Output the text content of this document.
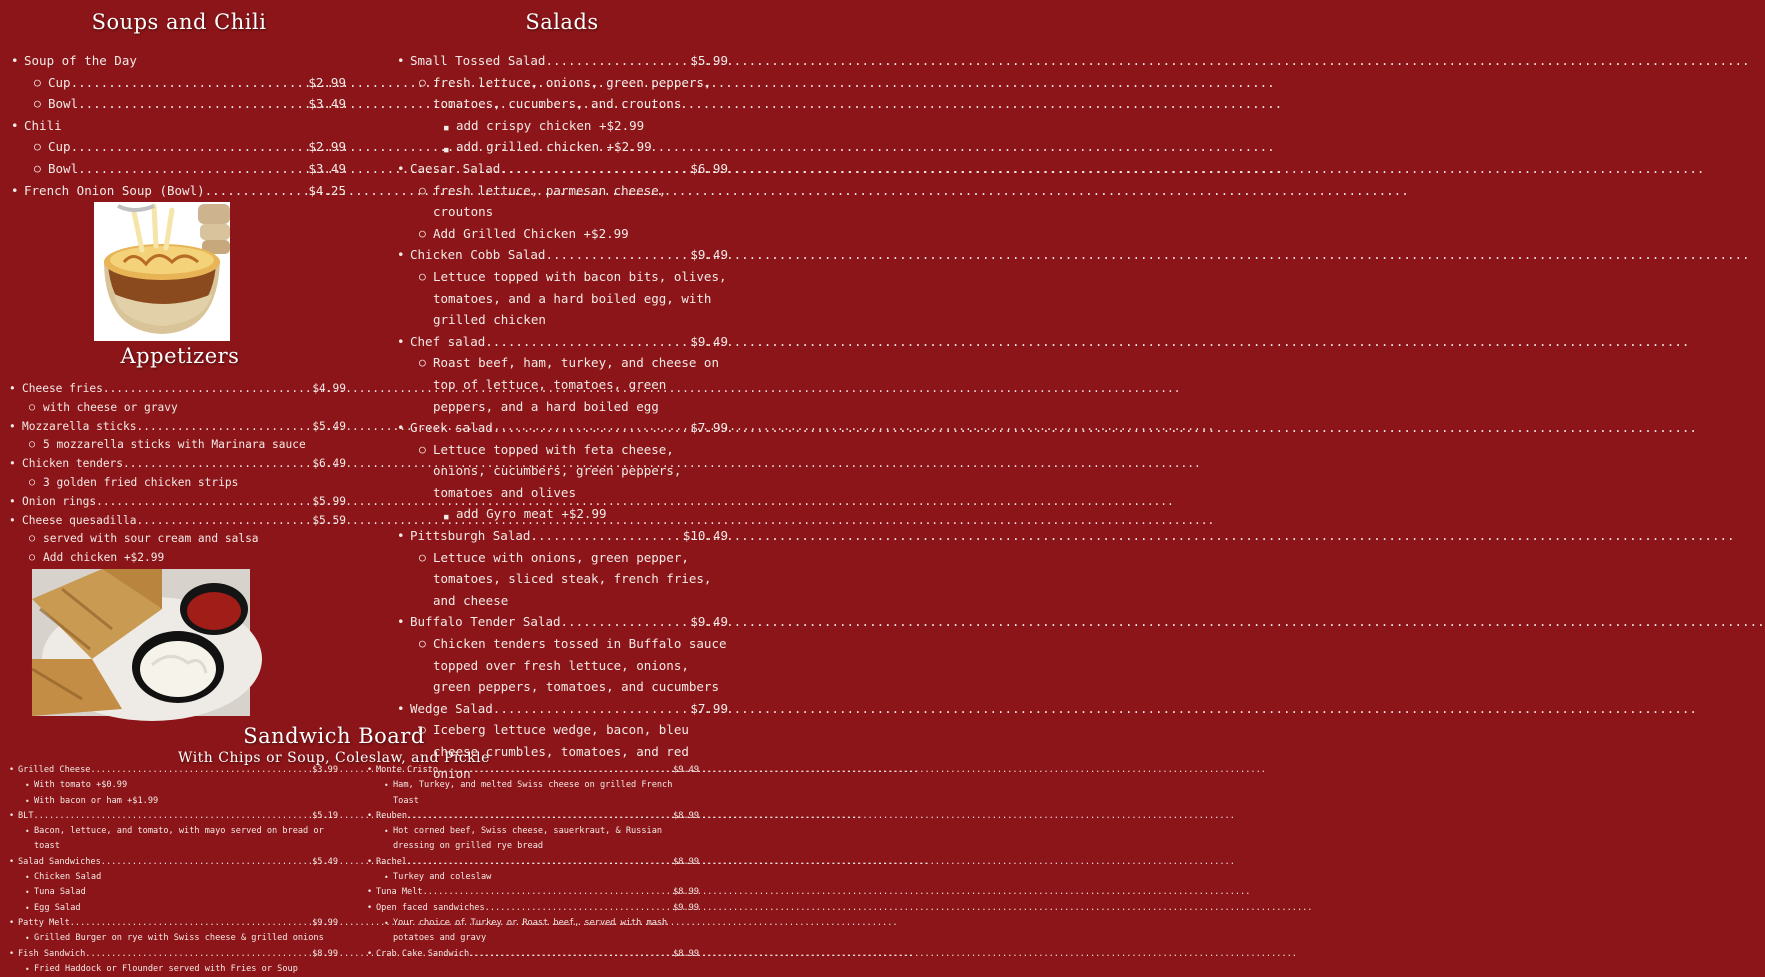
Soups and Chili	Salads
Appetizers
Sandwich Board
With Chips or Soup, Coleslaw, and Pickle
• Soup of the Day
○ Cup .....	$2.99
○ Bowl .....	$3.49
• Chili
○ Cup .....	$2.99
○ Bowl .....	$3.49
• French Onion Soup (Bowl) .....	$4.25
• Cheese fries .....	$4.99
○ with cheese or gravy
• Mozzarella sticks .....	$5.49
○ 5 mozzarella sticks with Marinara sauce
• Chicken tenders .....	$6.49
○ 3 golden fried chicken strips
• Onion rings .....	$5.99
• Cheese quesadilla .....	$5.59
○ served with sour cream and salsa
○ Add chicken +$2.99
• Small Tossed Salad .....	$5.99
○ fresh lettuce, onions, green peppers, tomatoes, cucumbers, and croutons
■ add crispy chicken +$2.99
■ add grilled chicken +$2.99
• Caesar Salad .....	$6.99
○ fresh lettuce, parmesan cheese, croutons
○ Add Grilled Chicken +$2.99
• Chicken Cobb Salad .....	$9.49
○ Lettuce topped with bacon bits, olives, tomatoes, and a hard boiled egg, with grilled chicken
• Chef salad .....	$9.49
○ Roast beef, ham, turkey, and cheese on top of lettuce, tomatoes, green peppers, and a hard boiled egg
• Greek salad .....	$7.99
○ Lettuce topped with feta cheese, onions, cucumbers, green peppers, tomatoes and olives
■ add Gyro meat +$2.99
• Pittsburgh Salad .....	$10.49
○ Lettuce with onions, green pepper, tomatoes, sliced steak, french fries, and cheese
• Buffalo Tender Salad .....	$9.49
○ Chicken tenders tossed in Buffalo sauce topped over fresh lettuce, onions, green peppers, tomatoes, and cucumbers
• Wedge Salad .....	$7.99
○ Iceberg lettuce wedge, bacon, bleu cheese crumbles, tomatoes, and red onion
• Grilled Cheese .....	$3.99
• With tomato +$0.99
• With bacon or ham +$1.99
• BLT .....	$5.19
• Bacon, lettuce, and tomato, with mayo served on bread or toast
• Salad Sandwiches .....	$5.49
• Chicken Salad
• Tuna Salad
• Egg Salad
• Patty Melt .....	$9.99
• Grilled Burger on rye with Swiss cheese & grilled onions
• Fish Sandwich .....	$8.99
• Fried Haddock or Flounder served with Fries or Soup
• Monte Cristo .....	$9.49
• Ham, Turkey, and melted Swiss cheese on grilled French Toast
• Reuben .....	$8.99
• Hot corned beef, Swiss cheese, sauerkraut, & Russian dressing on grilled rye bread
• Rachel .....	$8.99
• Turkey and coleslaw
• Tuna Melt .....	$8.99
• Open faced sandwiches .....	$9.99
• Your choice of Turkey or Roast beef, served with mash potatoes and gravy
• Crab Cake Sandwich .....	$8.99
